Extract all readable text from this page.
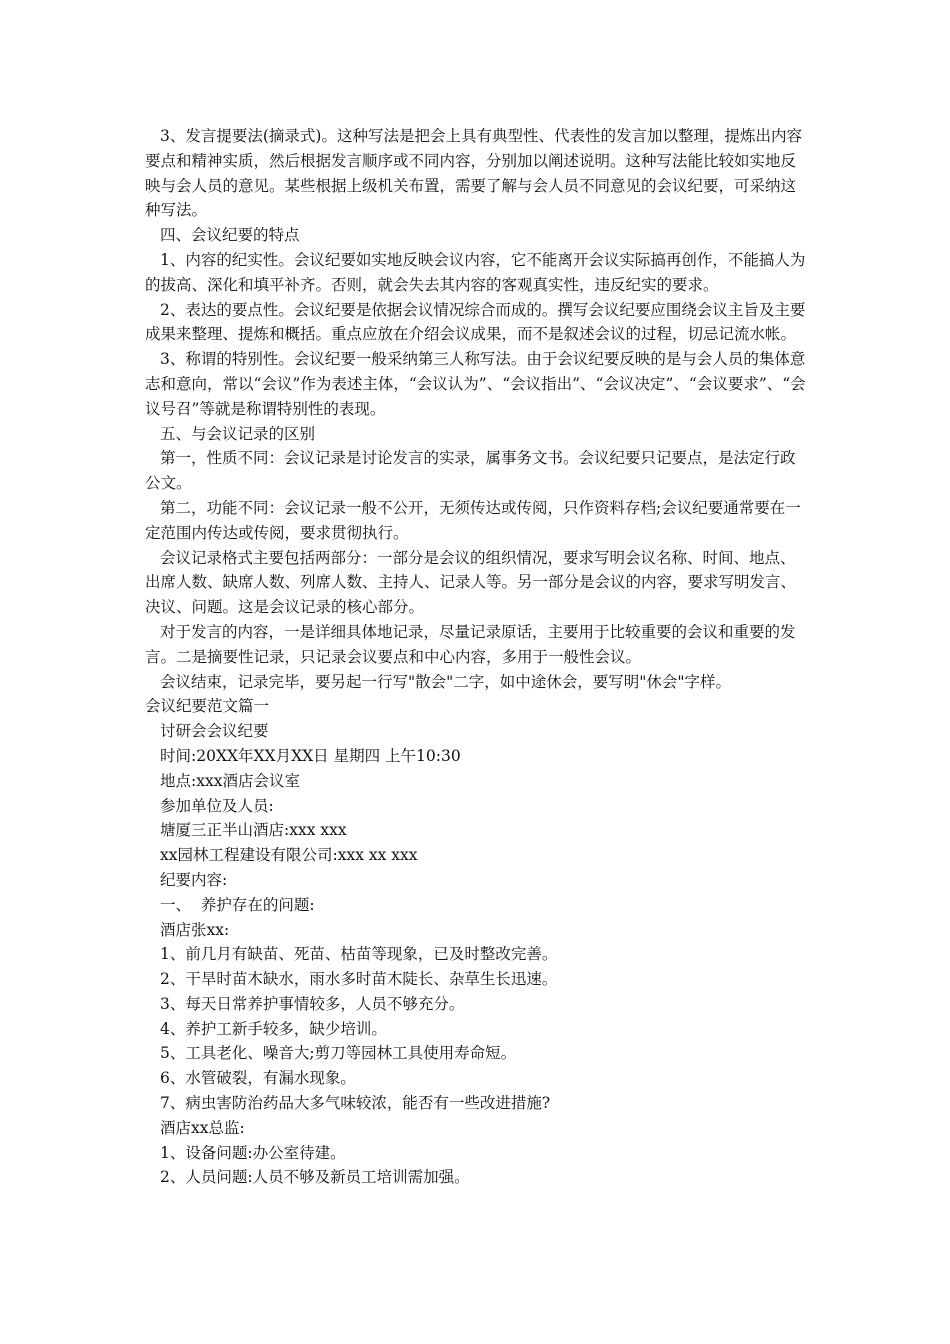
3、发言提要法(摘录式)。这种写法是把会上具有典型性、代表性的发言加以整理，提炼出内容要点和精神实质，然后根据发言顺序或不同内容，分别加以阐述说明。这种写法能比较如实地反映与会人员的意见。某些根据上级机关布置，需要了解与会人员不同意见的会议纪要，可采纳这种写法。

四、会议纪要的特点

1、内容的纪实性。会议纪要如实地反映会议内容，它不能离开会议实际搞再创作，不能搞人为的拔高、深化和填平补齐。否则，就会失去其内容的客观真实性，违反纪实的要求。

2、表达的要点性。会议纪要是依据会议情况综合而成的。撰写会议纪要应围绕会议主旨及主要成果来整理、提炼和概括。重点应放在介绍会议成果，而不是叙述会议的过程，切忌记流水帐。

3、称谓的特别性。会议纪要一般采纳第三人称写法。由于会议纪要反映的是与会人员的集体意志和意向，常以“会议”作为表述主体，“会议认为”、“会议指出”、“会议决定”、“会议要求”、“会议号召”等就是称谓特别性的表现。

五、与会议记录的区别

第一，性质不同：会议记录是讨论发言的实录，属事务文书。会议纪要只记要点，是法定行政公文。

第二，功能不同：会议记录一般不公开，无须传达或传阅，只作资料存档;会议纪要通常要在一定范围内传达或传阅，要求贯彻执行。

会议记录格式主要包括两部分：一部分是会议的组织情况，要求写明会议名称、时间、地点、出席人数、缺席人数、列席人数、主持人、记录人等。另一部分是会议的内容，要求写明发言、决议、问题。这是会议记录的核心部分。

对于发言的内容，一是详细具体地记录，尽量记录原话，主要用于比较重要的会议和重要的发言。二是摘要性记录，只记录会议要点和中心内容，多用于一般性会议。

会议结束，记录完毕，要另起一行写"散会"二字，如中途休会，要写明"休会"字样。

会议纪要范文篇一

讨研会会议纪要

时间:20XX年XX月XX日 星期四 上午10:30

地点:xxx酒店会议室

参加单位及人员:

塘厦三正半山酒店:xxx xxx

xx园林工程建设有限公司:xxx xx xxx

纪要内容:

一、  养护存在的问题:

酒店张xx:

1、前几月有缺苗、死苗、枯苗等现象，已及时整改完善。

2、干旱时苗木缺水，雨水多时苗木陡长、杂草生长迅速。

3、每天日常养护事情较多，人员不够充分。

4、养护工新手较多，缺少培训。

5、工具老化、噪音大;剪刀等园林工具使用寿命短。

6、水管破裂，有漏水现象。

7、病虫害防治药品大多气味较浓，能否有一些改进措施?

酒店xx总监:

1、设备问题:办公室待建。

2、人员问题:人员不够及新员工培训需加强。
